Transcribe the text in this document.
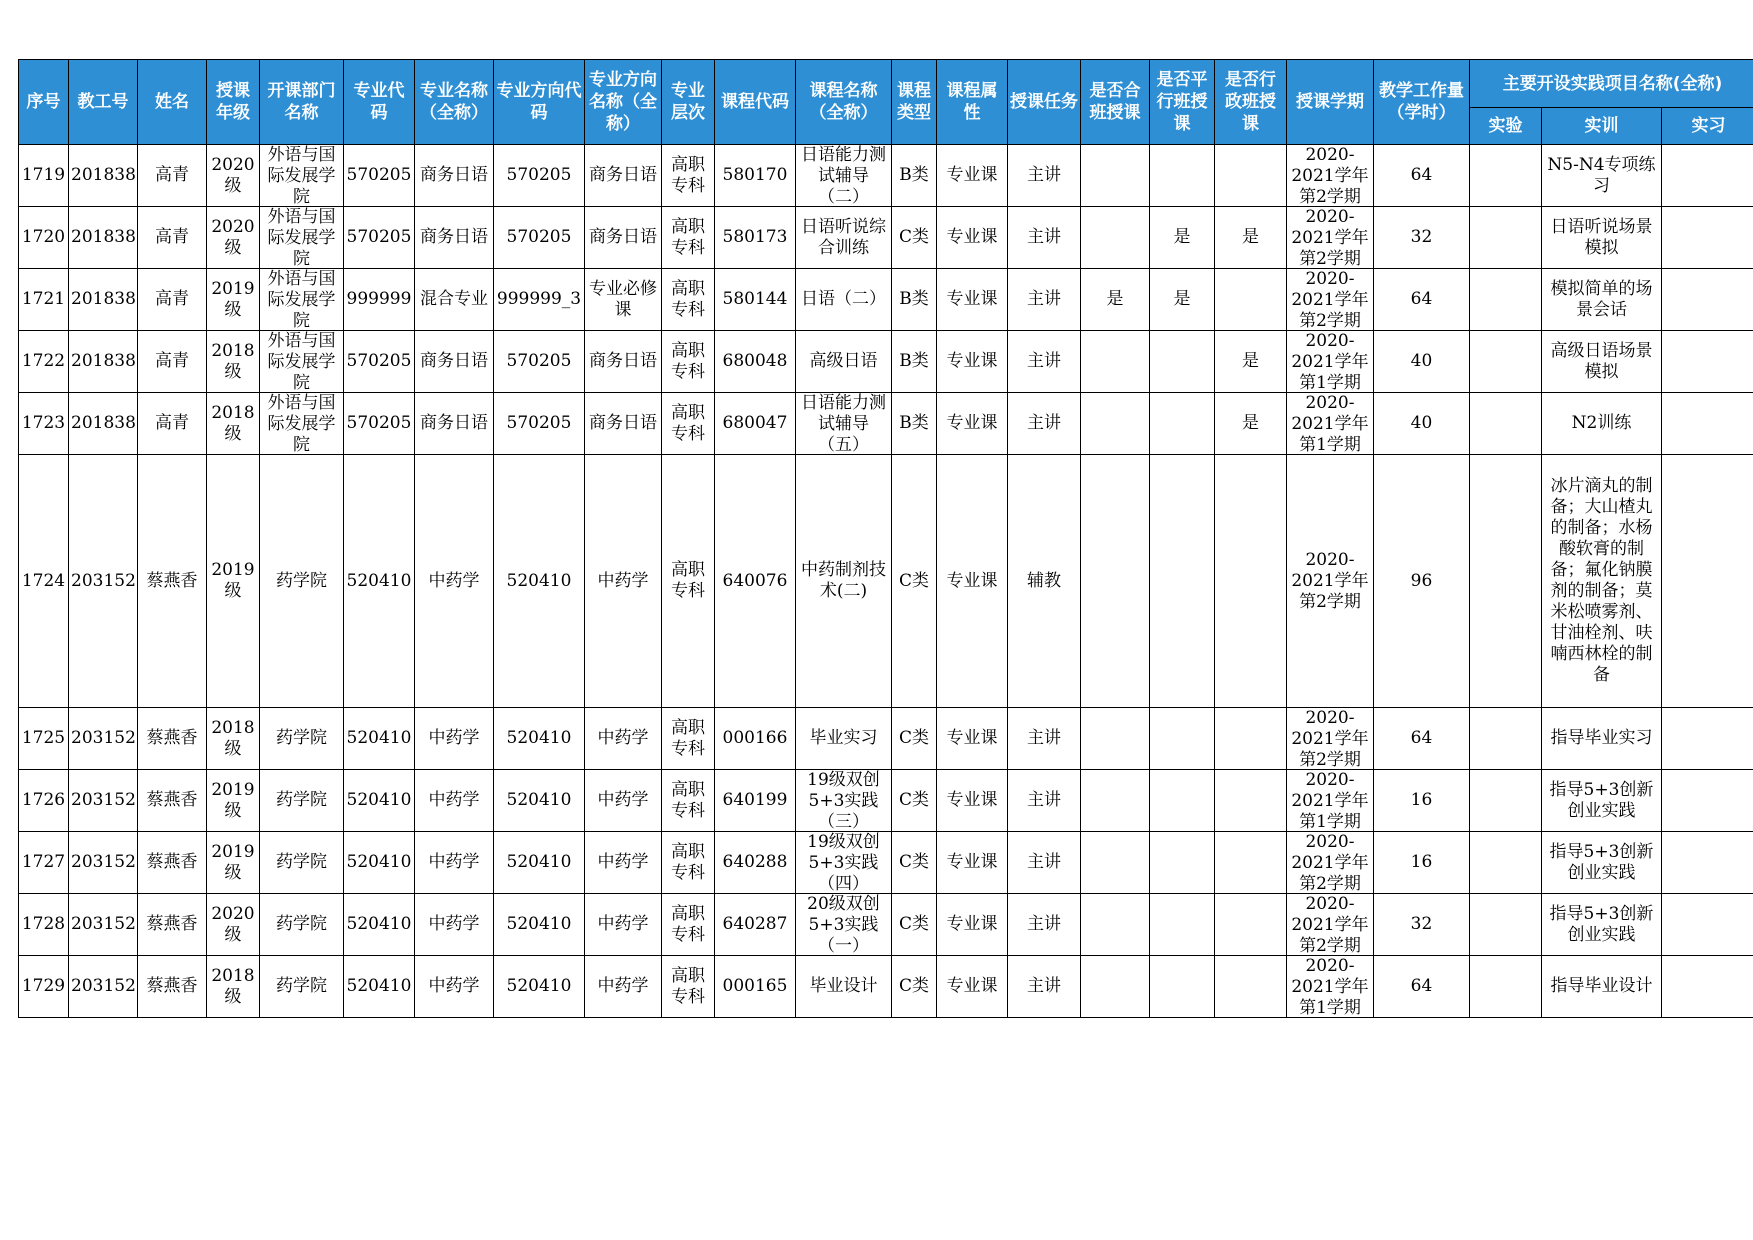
序号	教工号	姓名	授课年级	开课部门名称	专业代码	专业名称（全称）	专业方向代码	专业方向名称（全称）	专业层次	课程代码	课程名称（全称）	课程类型	课程属性	授课任务	是否合班授课	是否平行班授课	是否行政班授课	授课学期	教学工作量（学时）	主要开设实践项目名称(全称)		
																				实验	实训	实习
1719	201838	高青	2020级	外语与国际发展学院	570205	商务日语	570205	商务日语	高职专科	580170	日语能力测试辅导（二）	B类	专业课	主讲				2020-2021学年第2学期	64		N5-N4专项练习	
1720	201838	高青	2020级	外语与国际发展学院	570205	商务日语	570205	商务日语	高职专科	580173	日语听说综合训练	C类	专业课	主讲		是	是	2020-2021学年第2学期	32		日语听说场景模拟	
1721	201838	高青	2019级	外语与国际发展学院	999999	混合专业	999999_3	专业必修课	高职专科	580144	日语（二）	B类	专业课	主讲	是	是		2020-2021学年第2学期	64		模拟简单的场景会话	
1722	201838	高青	2018级	外语与国际发展学院	570205	商务日语	570205	商务日语	高职专科	680048	高级日语	B类	专业课	主讲			是	2020-2021学年第1学期	40		高级日语场景模拟	
1723	201838	高青	2018级	外语与国际发展学院	570205	商务日语	570205	商务日语	高职专科	680047	日语能力测试辅导（五）	B类	专业课	主讲			是	2020-2021学年第1学期	40		N2训练	
1724	203152	蔡燕香	2019级	药学院	520410	中药学	520410	中药学	高职专科	640076	中药制剂技术(二)	C类	专业课	辅教				2020-2021学年第2学期	96		冰片滴丸的制备；大山楂丸的制备；水杨酸软膏的制备；氟化钠膜剂的制备；莫米松喷雾剂、甘油栓剂、呋喃西林栓的制备	
1725	203152	蔡燕香	2018级	药学院	520410	中药学	520410	中药学	高职专科	000166	毕业实习	C类	专业课	主讲				2020-2021学年第2学期	64		指导毕业实习	
1726	203152	蔡燕香	2019级	药学院	520410	中药学	520410	中药学	高职专科	640199	19级双创5+3实践（三）	C类	专业课	主讲				2020-2021学年第1学期	16		指导5+3创新创业实践	
1727	203152	蔡燕香	2019级	药学院	520410	中药学	520410	中药学	高职专科	640288	19级双创5+3实践（四）	C类	专业课	主讲				2020-2021学年第2学期	16		指导5+3创新创业实践	
1728	203152	蔡燕香	2020级	药学院	520410	中药学	520410	中药学	高职专科	640287	20级双创5+3实践（一）	C类	专业课	主讲				2020-2021学年第2学期	32		指导5+3创新创业实践	
1729	203152	蔡燕香	2018级	药学院	520410	中药学	520410	中药学	高职专科	000165	毕业设计	C类	专业课	主讲				2020-2021学年第1学期	64		指导毕业设计	
